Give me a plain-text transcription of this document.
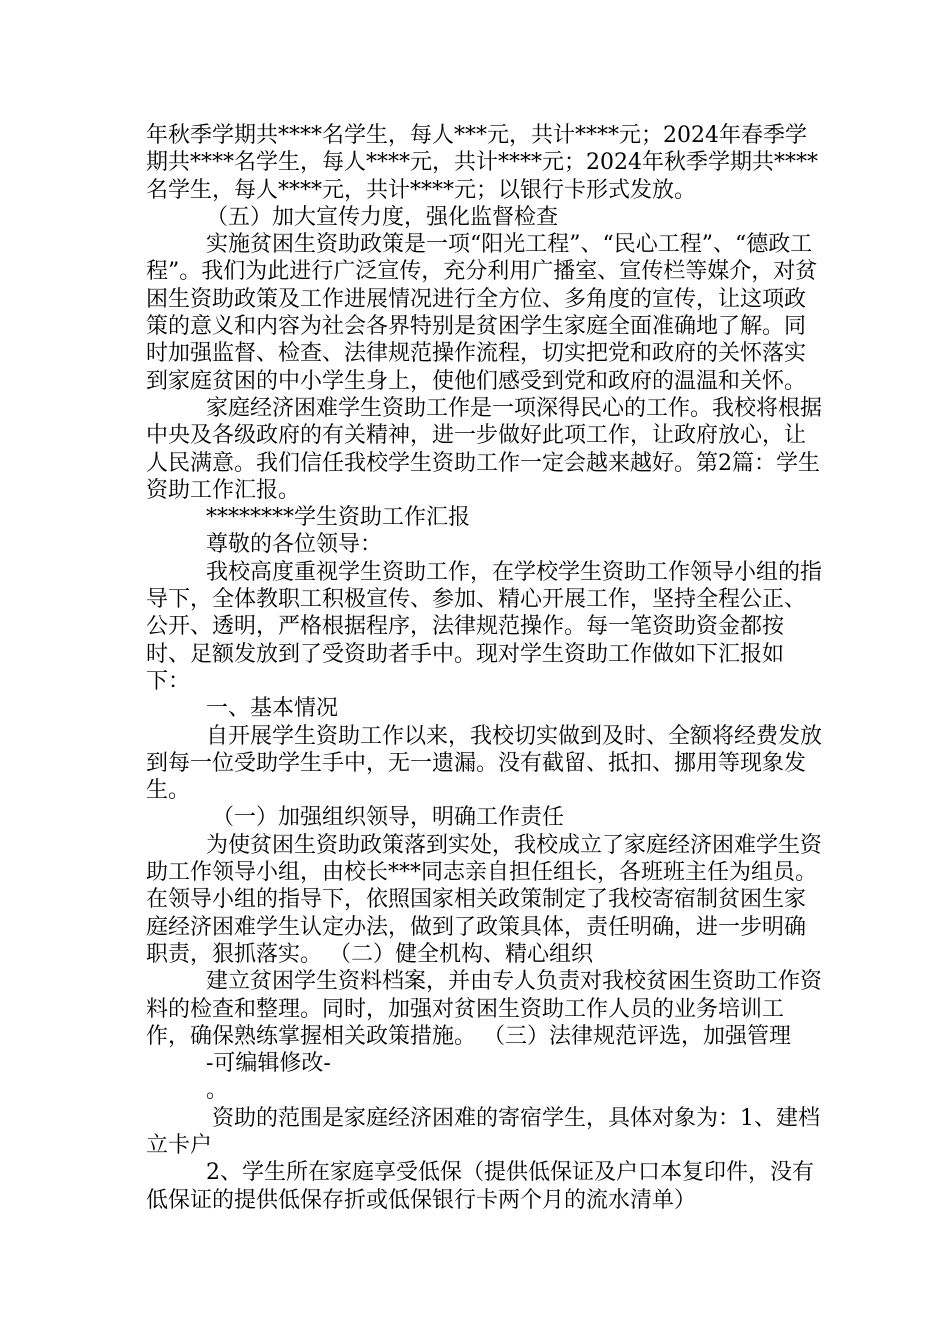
年秋季学期共****名学生，每人***元，共计****元；2024年春季学期共****名学生，每人****元，共计****元；2024年秋季学期共****名学生，每人****元，共计****元；以银行卡形式发放。

（五）加大宣传力度，强化监督检查

实施贫困生资助政策是一项“阳光工程”、“民心工程”、“德政工程”。我们为此进行广泛宣传，充分利用广播室、宣传栏等媒介，对贫困生资助政策及工作进展情况进行全方位、多角度的宣传，让这项政策的意义和内容为社会各界特别是贫困学生家庭全面准确地了解。同时加强监督、检查、法律规范操作流程，切实把党和政府的关怀落实到家庭贫困的中小学生身上，使他们感受到党和政府的温温和关怀。

家庭经济困难学生资助工作是一项深得民心的工作。我校将根据中央及各级政府的有关精神，进一步做好此项工作，让政府放心，让人民满意。我们信任我校学生资助工作一定会越来越好。第2篇：学生资助工作汇报。

********学生资助工作汇报

尊敬的各位领导：

我校高度重视学生资助工作，在学校学生资助工作领导小组的指导下，全体教职工积极宣传、参加、精心开展工作，坚持全程公正、公开、透明，严格根据程序，法律规范操作。每一笔资助资金都按时、足额发放到了受资助者手中。现对学生资助工作做如下汇报如下：

一、基本情况

自开展学生资助工作以来，我校切实做到及时、全额将经费发放到每一位受助学生手中，无一遗漏。没有截留、抵扣、挪用等现象发生。

（一）加强组织领导，明确工作责任

为使贫困生资助政策落到实处，我校成立了家庭经济困难学生资助工作领导小组，由校长***同志亲自担任组长，各班班主任为组员。在领导小组的指导下，依照国家相关政策制定了我校寄宿制贫困生家庭经济困难学生认定办法，做到了政策具体，责任明确，进一步明确职责，狠抓落实。 （二）健全机构、精心组织

建立贫困学生资料档案，并由专人负责对我校贫困生资助工作资料的检查和整理。同时，加强对贫困生资助工作人员的业务培训工作，确保熟练掌握相关政策措施。 （三）法律规范评选，加强管理

-可编辑修改-

。

资助的范围是家庭经济困难的寄宿学生，具体对象为：1、建档立卡户

2、学生所在家庭享受低保（提供低保证及户口本复印件，没有低保证的提供低保存折或低保银行卡两个月的流水清单）
